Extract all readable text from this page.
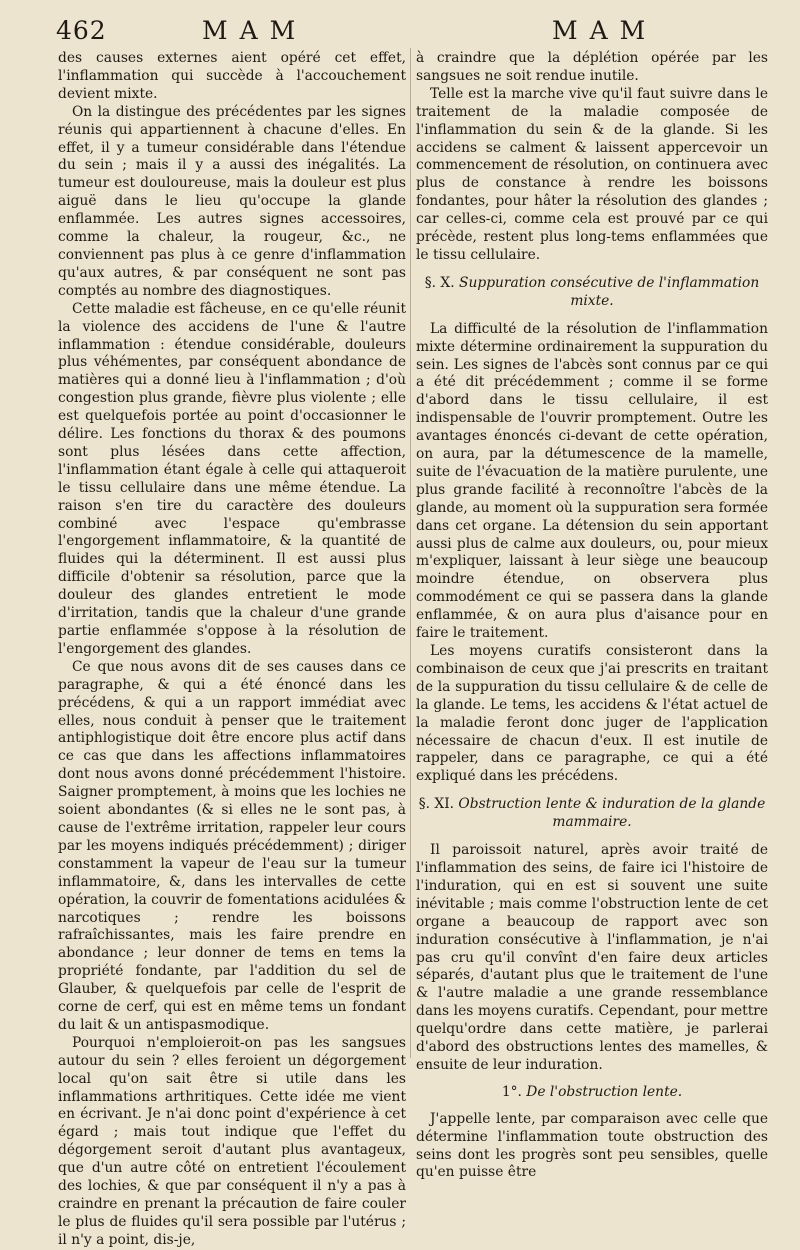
462	MAM	MAM

des causes externes aient opéré cet effet, l'inflammation qui succède à l'accouchement devient mixte.

On la distingue des précédentes par les signes réunis qui appartiennent à chacune d'elles. En effet, il y a tumeur considérable dans l'étendue du sein ; mais il y a aussi des inégalités. La tumeur est douloureuse, mais la douleur est plus aiguë dans le lieu qu'occupe la glande enflammée. Les autres signes accessoires, comme la chaleur, la rougeur, &c., ne conviennent pas plus à ce genre d'inflammation qu'aux autres, & par conséquent ne sont pas comptés au nombre des diagnostiques.

Cette maladie est fâcheuse, en ce qu'elle réunit la violence des accidens de l'une & l'autre inflammation : étendue considérable, douleurs plus véhémentes, par conséquent abondance de matières qui a donné lieu à l'inflammation ; d'où congestion plus grande, fièvre plus violente ; elle est quelquefois portée au point d'occasionner le délire. Les fonctions du thorax & des poumons sont plus lésées dans cette affection, l'inflammation étant égale à celle qui attaqueroit le tissu cellulaire dans une même étendue. La raison s'en tire du caractère des douleurs combiné avec l'espace qu'embrasse l'engorgement inflammatoire, & la quantité de fluides qui la déterminent. Il est aussi plus difficile d'obtenir sa résolution, parce que la douleur des glandes entretient le mode d'irritation, tandis que la chaleur d'une grande partie enflammée s'oppose à la résolution de l'engorgement des glandes.

Ce que nous avons dit de ses causes dans ce paragraphe, & qui a été énoncé dans les précédens, & qui a un rapport immédiat avec elles, nous conduit à penser que le traitement antiphlogistique doit être encore plus actif dans ce cas que dans les affections inflammatoires dont nous avons donné précédemment l'histoire. Saigner promptement, à moins que les lochies ne soient abondantes (& si elles ne le sont pas, à cause de l'extrême irritation, rappeler leur cours par les moyens indiqués précédemment) ; diriger constamment la vapeur de l'eau sur la tumeur inflammatoire, &, dans les intervalles de cette opération, la couvrir de fomentations acidulées & narcotiques ; rendre les boissons rafraîchissantes, mais les faire prendre en abondance ; leur donner de tems en tems la propriété fondante, par l'addition du sel de Glauber, & quelquefois par celle de l'esprit de corne de cerf, qui est en même tems un fondant du lait & un antispasmodique.

Pourquoi n'emploieroit-on pas les sangsues autour du sein ? elles feroient un dégorgement local qu'on sait être si utile dans les inflammations arthritiques. Cette idée me vient en écrivant. Je n'ai donc point d'expérience à cet égard ; mais tout indique que l'effet du dégorgement seroit d'autant plus avantageux, que d'un autre côté on entretient l'écoulement des lochies, & que par conséquent il n'y a pas à craindre en prenant la précaution de faire couler le plus de fluides qu'il sera possible par l'utérus ; il n'y a point, dis-je,

à craindre que la déplétion opérée par les sangsues ne soit rendue inutile.

Telle est la marche vive qu'il faut suivre dans le traitement de la maladie composée de l'inflammation du sein & de la glande. Si les accidens se calment & laissent appercevoir un commencement de résolution, on continuera avec plus de constance à rendre les boissons fondantes, pour hâter la résolution des glandes ; car celles-ci, comme cela est prouvé par ce qui précède, restent plus long-tems enflammées que le tissu cellulaire.

§. X. Suppuration consécutive de l'inflammation mixte.

La difficulté de la résolution de l'inflammation mixte détermine ordinairement la suppuration du sein. Les signes de l'abcès sont connus par ce qui a été dit précédemment ; comme il se forme d'abord dans le tissu cellulaire, il est indispensable de l'ouvrir promptement. Outre les avantages énoncés ci-devant de cette opération, on aura, par la détumescence de la mamelle, suite de l'évacuation de la matière purulente, une plus grande facilité à reconnoître l'abcès de la glande, au moment où la suppuration sera formée dans cet organe. La détension du sein apportant aussi plus de calme aux douleurs, ou, pour mieux m'expliquer, laissant à leur siège une beaucoup moindre étendue, on observera plus commodément ce qui se passera dans la glande enflammée, & on aura plus d'aisance pour en faire le traitement.

Les moyens curatifs consisteront dans la combinaison de ceux que j'ai prescrits en traitant de la suppuration du tissu cellulaire & de celle de la glande. Le tems, les accidens & l'état actuel de la maladie feront donc juger de l'application nécessaire de chacun d'eux. Il est inutile de rappeler, dans ce paragraphe, ce qui a été expliqué dans les précédens.

§. XI. Obstruction lente & induration de la glande mammaire.

Il paroissoit naturel, après avoir traité de l'inflammation des seins, de faire ici l'histoire de l'induration, qui en est si souvent une suite inévitable ; mais comme l'obstruction lente de cet organe a beaucoup de rapport avec son induration consécutive à l'inflammation, je n'ai pas cru qu'il convînt d'en faire deux articles séparés, d'autant plus que le traitement de l'une & l'autre maladie a une grande ressemblance dans les moyens curatifs. Cependant, pour mettre quelqu'ordre dans cette matière, je parlerai d'abord des obstructions lentes des mamelles, & ensuite de leur induration.

1°. De l'obstruction lente.

J'appelle lente, par comparaison avec celle que détermine l'inflammation toute obstruction des seins dont les progrès sont peu sensibles, quelle qu'en puisse être
